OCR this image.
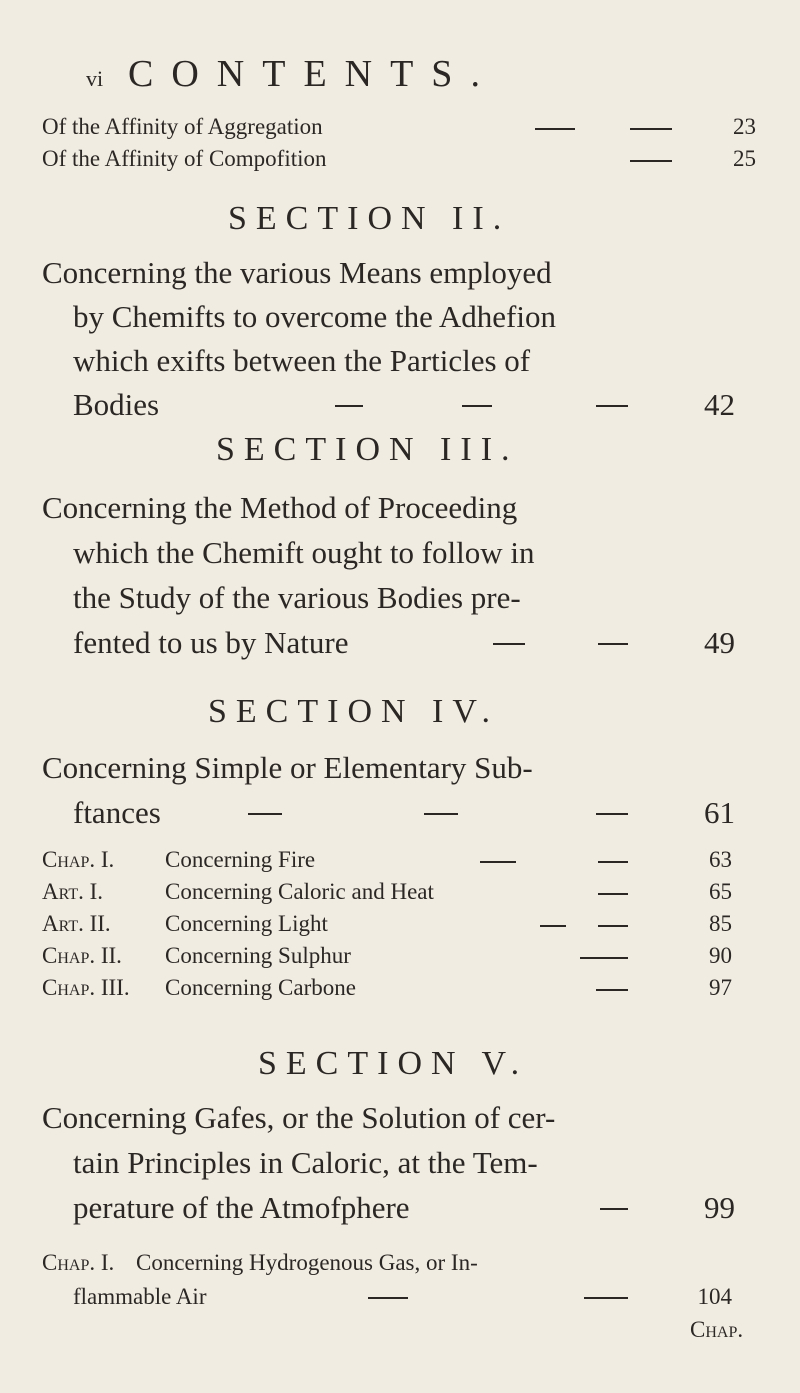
vi CONTENTS.
Of the Affinity of Aggregation	23
Of the Affinity of Compofition	25
SECTION II.
Concerning the various Means employed
by Chemifts to overcome the Adhefion
which exifts between the Particles of
Bodies	42
SECTION III.
Concerning the Method of Proceeding
which the Chemift ought to follow in
the Study of the various Bodies pre-
fented to us by Nature	49
SECTION IV.
Concerning Simple or Elementary Sub-
ftances	61
Chap. I. Concerning Fire	63
Art. I.	Concerning Caloric and Heat	65
Art. II. Concerning Light	85
Chap. II. Concerning Sulphur	90
Chap. III. Concerning Carbone	97
SECTION V.
Concerning Gafes, or the Solution of cer-
tain Principles in Caloric, at the Tem-
perature of the Atmofphere	99
Chap. I. Concerning Hydrogenous Gas, or In-
flammable Air	104
Chap.
